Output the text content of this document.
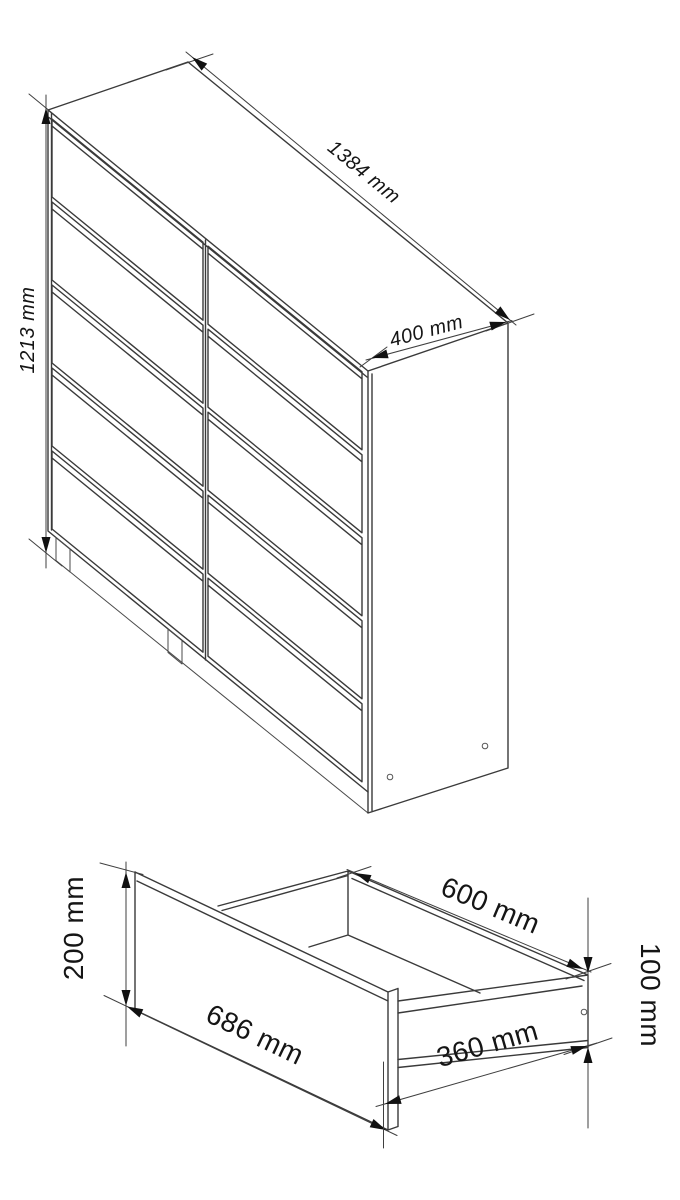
1213 mm
1384 mm
400 mm
200 mm
686 mm
600 mm
100 mm
360 mm
